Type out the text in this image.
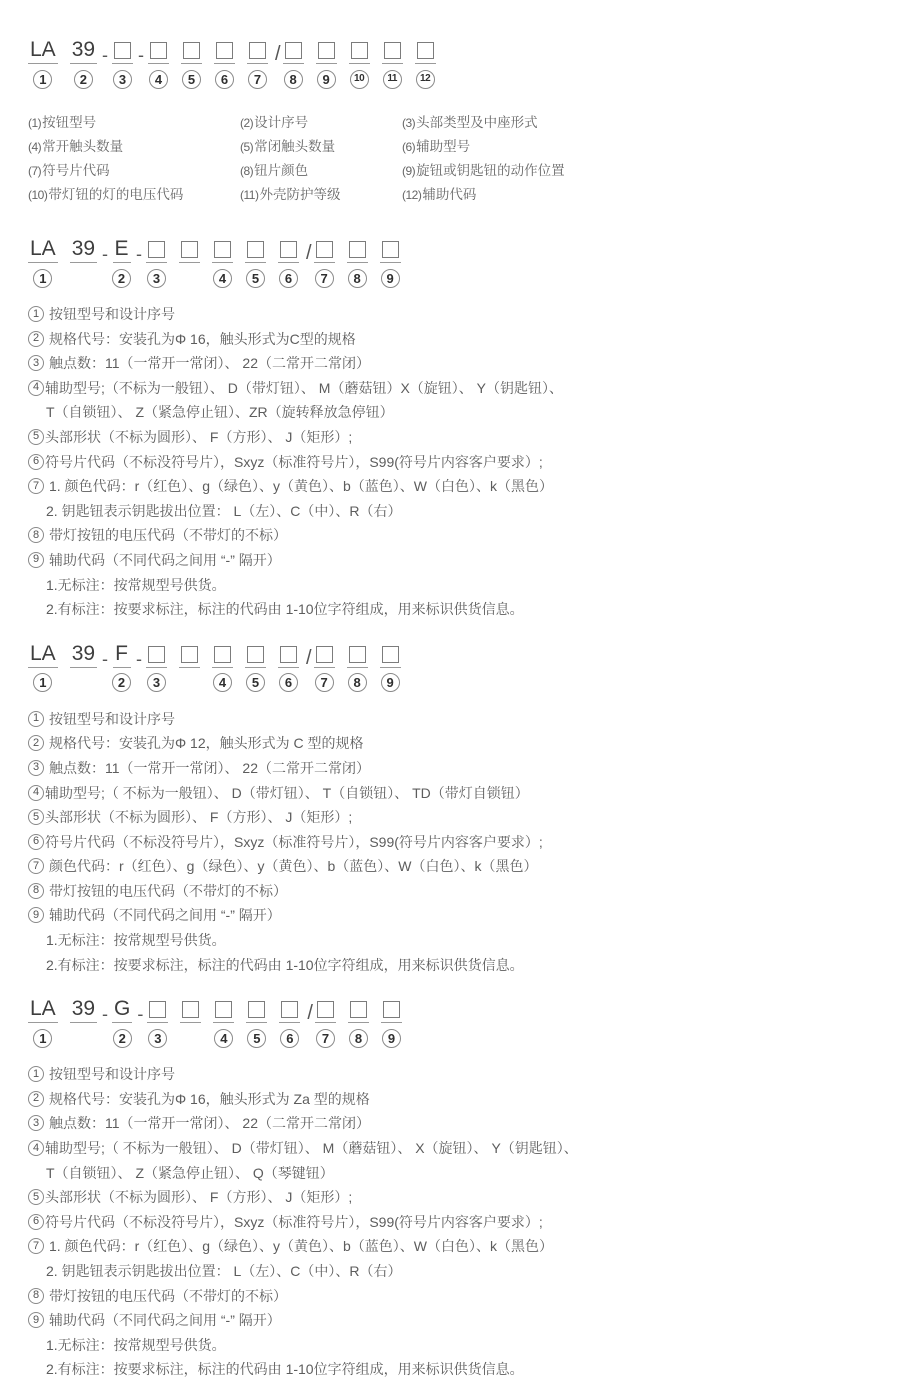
LA
1
39
2
-
3
-
4	5	6	7
/
8	9	10	11	12
(1)按钮型号	(2)设计序号	(3)头部类型及中座形式
(4)常开触头数量	(5)常闭触头数量	(6)辅助型号
(7)符号片代码	(8)钮片颜色	(9)旋钮或钥匙钮的动作位置
(10)带灯钮的灯的电压代码	(11)外壳防护等级	(12)辅助代码
LA
1
39 - E
2
-
3	4	5	6
/
7	8	9
1 按钮型号和设计序号
2 规格代号：安装孔为Φ 16，触头形式为C型的规格
3 触点数：11（一常开一常闭）、 22（二常开二常闭）
4 辅助型号;（不标为一般钮）、 D（带灯钮）、 M（蘑菇钮）X（旋钮）、 Y（钥匙钮）、
T（自锁钮）、 Z（紧急停止钮）、ZR（旋转释放急停钮）
5 头部形状（不标为圆形）、 F（方形）、 J（矩形）;
6 符号片代码（不标没符号片），Sxyz（标准符号片），S99(符号片内容客户要求）;
7 1. 颜色代码：r（红色）、g（绿色）、y（黄色）、b（蓝色）、W（白色）、k（黑色）
2. 钥匙钮表示钥匙拔出位置： L（左）、C（中）、R（右）
8 带灯按钮的电压代码（不带灯的不标）
9 辅助代码（不同代码之间用 “-” 隔开）
1.无标注：按常规型号供货。
2.有标注：按要求标注，标注的代码由 1-10位字符组成，用来标识供货信息。
LA
1
39 - F
2
-
3	4	5	6
/
7	8	9
1 按钮型号和设计序号
2 规格代号：安装孔为Φ 12，触头形式为 C 型的规格
3 触点数：11（一常开一常闭）、 22（二常开二常闭）
4 辅助型号;（ 不标为一般钮）、 D（带灯钮）、 T（自锁钮）、 TD（带灯自锁钮）
5 头部形状（不标为圆形）、 F（方形）、 J（矩形）;
6 符号片代码（不标没符号片），Sxyz（标准符号片），S99(符号片内容客户要求）;
7 颜色代码：r（红色）、g（绿色）、y（黄色）、b（蓝色）、W（白色）、k（黑色）
8 带灯按钮的电压代码（不带灯的不标）
9 辅助代码（不同代码之间用 “-” 隔开）
1.无标注：按常规型号供货。
2.有标注：按要求标注，标注的代码由 1-10位字符组成，用来标识供货信息。
LA
1
39 - G
2
-
3	4	5	6
/
7	8	9
1 按钮型号和设计序号
2 规格代号：安装孔为Φ 16，触头形式为 Za 型的规格
3 触点数：11（一常开一常闭）、 22（二常开二常闭）
4 辅助型号;（ 不标为一般钮）、 D（带灯钮）、 M（蘑菇钮）、 X（旋钮）、 Y（钥匙钮）、
T（自锁钮）、 Z（紧急停止钮）、 Q（琴键钮）
5 头部形状（不标为圆形）、 F（方形）、 J（矩形）;
6 符号片代码（不标没符号片），Sxyz（标准符号片），S99(符号片内容客户要求）;
7 1. 颜色代码：r（红色）、g（绿色）、y（黄色）、b（蓝色）、W（白色）、k（黑色）
2. 钥匙钮表示钥匙拔出位置： L（左）、C（中）、R（右）
8 带灯按钮的电压代码（不带灯的不标）
9 辅助代码（不同代码之间用 “-” 隔开）
1.无标注：按常规型号供货。
2.有标注：按要求标注，标注的代码由 1-10位字符组成，用来标识供货信息。
